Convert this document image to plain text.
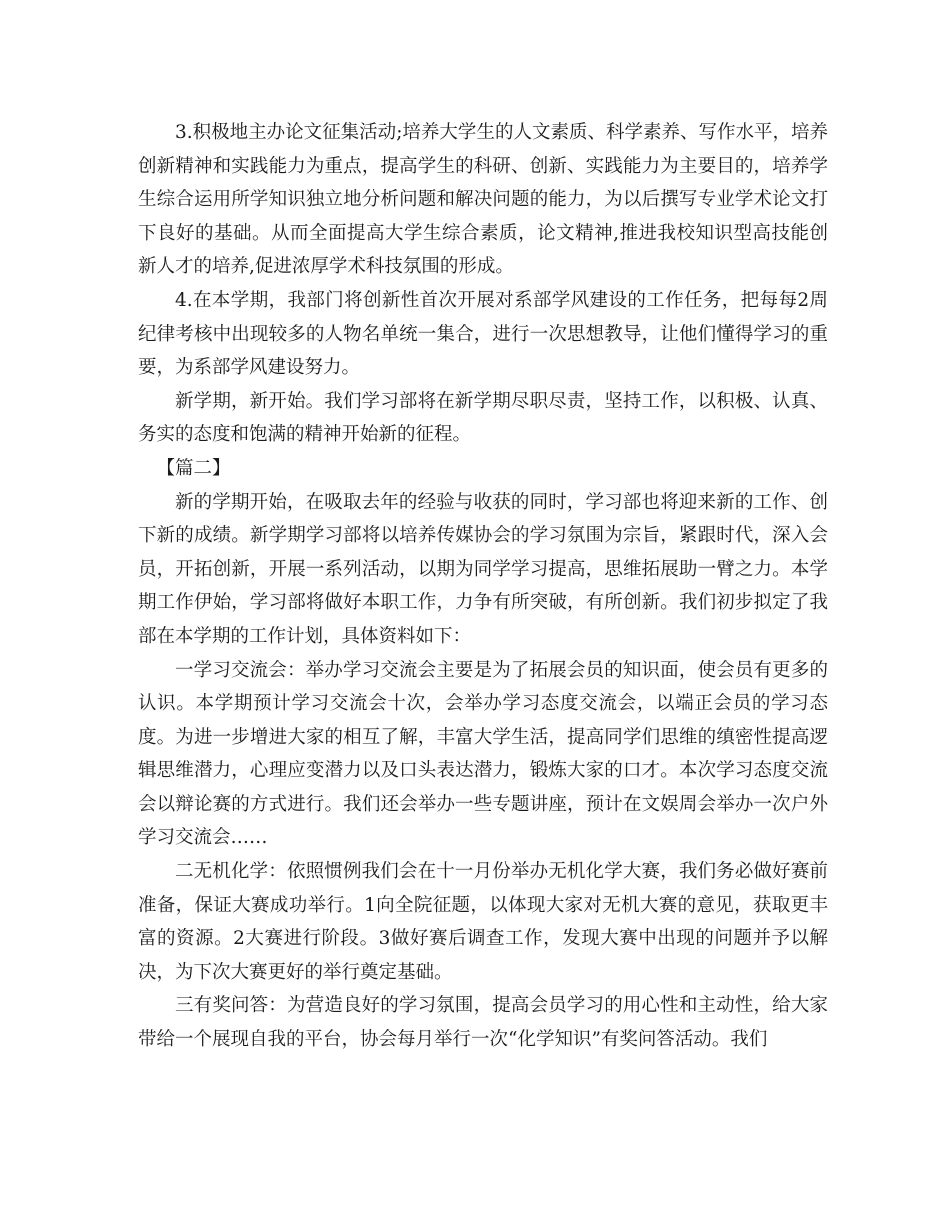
3.积极地主办论文征集活动;培养大学生的人文素质、科学素养、写作水平，培养创新精神和实践能力为重点，提高学生的科研、创新、实践能力为主要目的，培养学生综合运用所学知识独立地分析问题和解决问题的能力，为以后撰写专业学术论文打下良好的基础。从而全面提高大学生综合素质，论文精神,推进我校知识型高技能创新人才的培养,促进浓厚学术科技氛围的形成。

4.在本学期，我部门将创新性首次开展对系部学风建设的工作任务，把每每2周纪律考核中出现较多的人物名单统一集合，进行一次思想教导，让他们懂得学习的重要，为系部学风建设努力。

新学期，新开始。我们学习部将在新学期尽职尽责，坚持工作，以积极、认真、务实的态度和饱满的精神开始新的征程。

【篇二】

新的学期开始，在吸取去年的经验与收获的同时，学习部也将迎来新的工作、创下新的成绩。新学期学习部将以培养传媒协会的学习氛围为宗旨，紧跟时代，深入会员，开拓创新，开展一系列活动，以期为同学学习提高，思维拓展助一臂之力。本学期工作伊始，学习部将做好本职工作，力争有所突破，有所创新。我们初步拟定了我部在本学期的工作计划，具体资料如下：

一学习交流会：举办学习交流会主要是为了拓展会员的知识面，使会员有更多的认识。本学期预计学习交流会十次，会举办学习态度交流会，以端正会员的学习态度。为进一步增进大家的相互了解，丰富大学生活，提高同学们思维的缜密性提高逻辑思维潜力，心理应变潜力以及口头表达潜力，锻炼大家的口才。本次学习态度交流会以辩论赛的方式进行。我们还会举办一些专题讲座，预计在文娱周会举办一次户外学习交流会……

二无机化学：依照惯例我们会在十一月份举办无机化学大赛，我们务必做好赛前准备，保证大赛成功举行。1向全院征题，以体现大家对无机大赛的意见，获取更丰富的资源。2大赛进行阶段。3做好赛后调查工作，发现大赛中出现的问题并予以解决，为下次大赛更好的举行奠定基础。

三有奖问答：为营造良好的学习氛围，提高会员学习的用心性和主动性，给大家带给一个展现自我的平台，协会每月举行一次“化学知识”有奖问答活动。我们
